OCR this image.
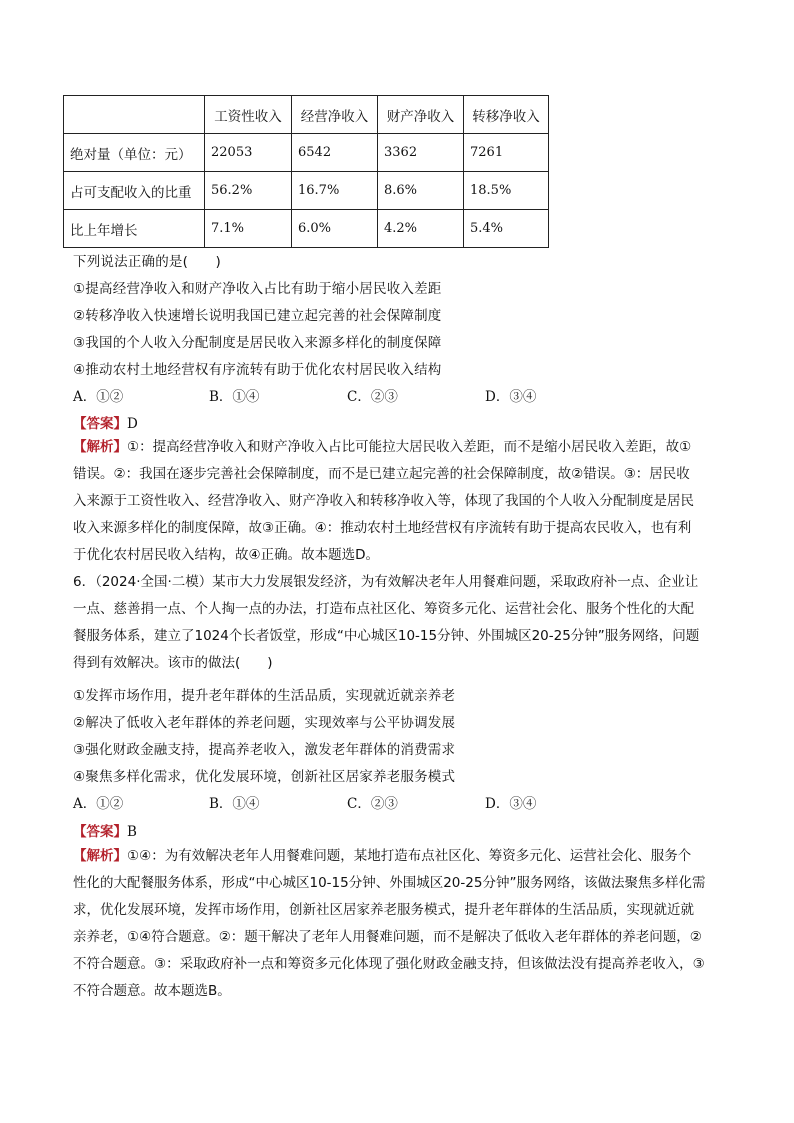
	工资性收入	经营净收入	财产净收入	转移净收入
绝对量（单位：元）	22053	6542	3362	7261
占可支配收入的比重	56.2%	16.7%	8.6%	18.5%
比上年增长	7.1%	6.0%	4.2%	5.4%
下列说法正确的是(　　)
①提高经营净收入和财产净收入占比有助于缩小居民收入差距
②转移净收入快速增长说明我国已建立起完善的社会保障制度
③我国的个人收入分配制度是居民收入来源多样化的制度保障
④推动农村土地经营权有序流转有助于优化农村居民收入结构
A．①②	B．①④	C．②③	D．③④
【答案】D
【解析】①：提高经营净收入和财产净收入占比可能拉大居民收入差距，而不是缩小居民收入差距，故①
错误。②：我国在逐步完善社会保障制度，而不是已建立起完善的社会保障制度，故②错误。③：居民收
入来源于工资性收入、经营净收入、财产净收入和转移净收入等，体现了我国的个人收入分配制度是居民
收入来源多样化的制度保障，故③正确。④：推动农村土地经营权有序流转有助于提高农民收入，也有利
于优化农村居民收入结构，故④正确。故本题选D。
6．（2024·全国·二模）某市大力发展银发经济，为有效解决老年人用餐难问题，采取政府补一点、企业让
一点、慈善捐一点、个人掏一点的办法，打造布点社区化、筹资多元化、运营社会化、服务个性化的大配
餐服务体系，建立了1024个长者饭堂，形成“中心城区10-15分钟、外围城区20-25分钟”服务网络，问题
得到有效解决。该市的做法(　　)
①发挥市场作用，提升老年群体的生活品质，实现就近就亲养老
②解决了低收入老年群体的养老问题，实现效率与公平协调发展
③强化财政金融支持，提高养老收入，激发老年群体的消费需求
④聚焦多样化需求，优化发展环境，创新社区居家养老服务模式
A．①②	B．①④	C．②③	D．③④
【答案】B
【解析】①④：为有效解决老年人用餐难问题，某地打造布点社区化、筹资多元化、运营社会化、服务个
性化的大配餐服务体系，形成“中心城区10-15分钟、外围城区20-25分钟”服务网络，该做法聚焦多样化需
求，优化发展环境，发挥市场作用，创新社区居家养老服务模式，提升老年群体的生活品质，实现就近就
亲养老，①④符合题意。②：题干解决了老年人用餐难问题，而不是解决了低收入老年群体的养老问题，②
不符合题意。③：采取政府补一点和筹资多元化体现了强化财政金融支持，但该做法没有提高养老收入，③
不符合题意。故本题选B。
